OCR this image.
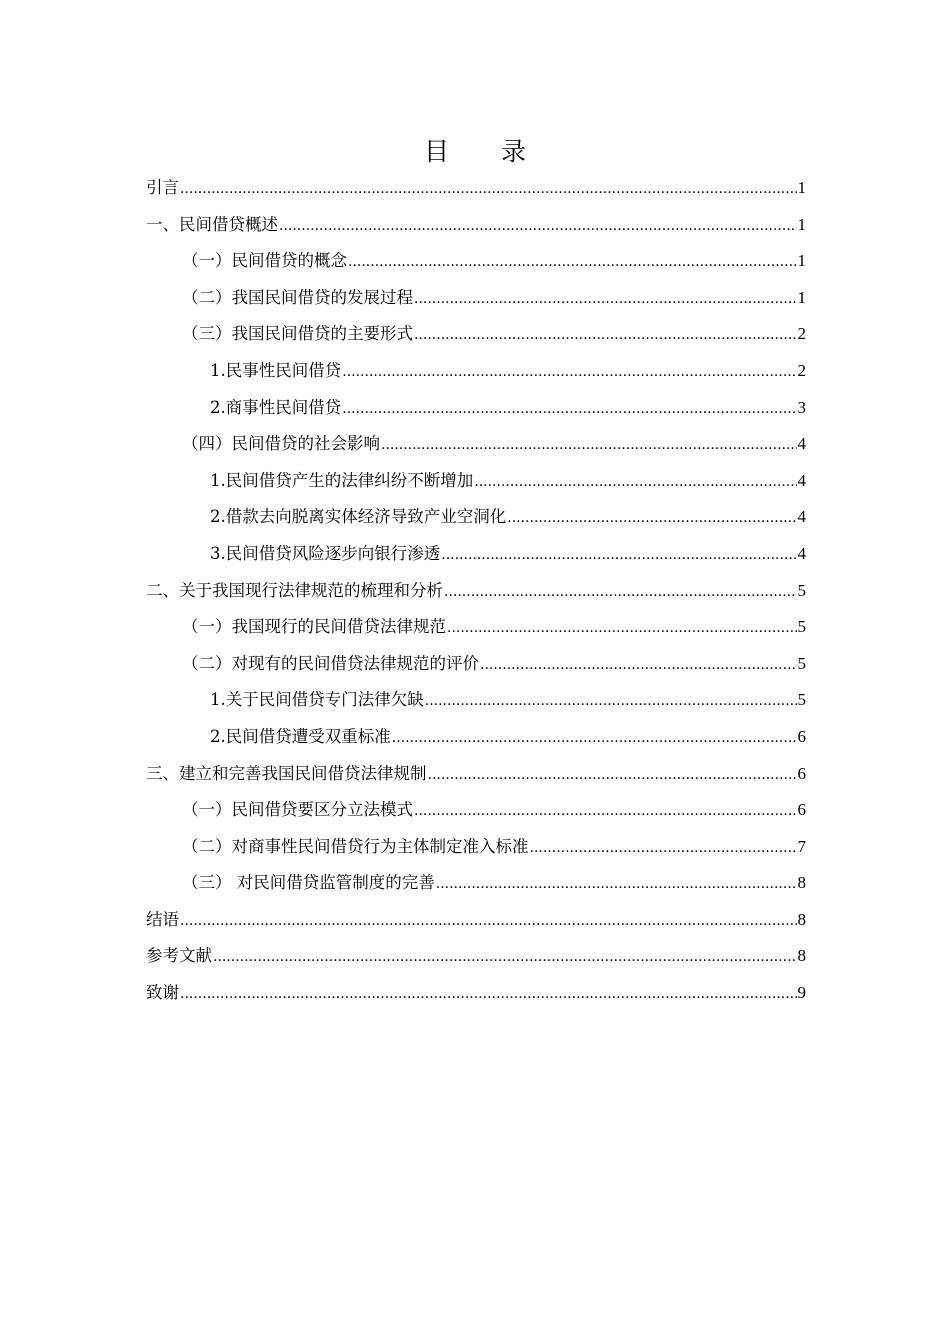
目 录
引言 .....	1
一、民间借贷概述 .....	1
（一）民间借贷的概念 .....	1
（二）我国民间借贷的发展过程 .....	1
（三）我国民间借贷的主要形式 .....	2
1.民事性民间借贷 .....	2
2.商事性民间借贷 .....	3
（四）民间借贷的社会影响 .....	4
1.民间借贷产生的法律纠纷不断增加 .....	4
2.借款去向脱离实体经济导致产业空洞化 .....	4
3.民间借贷风险逐步向银行渗透 .....	4
二、关于我国现行法律规范的梳理和分析 .....	5
（一）我国现行的民间借贷法律规范 .....	5
（二）对现有的民间借贷法律规范的评价 .....	5
1.关于民间借贷专门法律欠缺 .....	5
2.民间借贷遭受双重标准 .....	6
三、建立和完善我国民间借贷法律规制 .....	6
（一）民间借贷要区分立法模式 .....	6
（二）对商事性民间借贷行为主体制定准入标准 .....	7
（三） 对民间借贷监管制度的完善 .....	8
结语 .....	8
参考文献 .....	8
致谢 .....	9
